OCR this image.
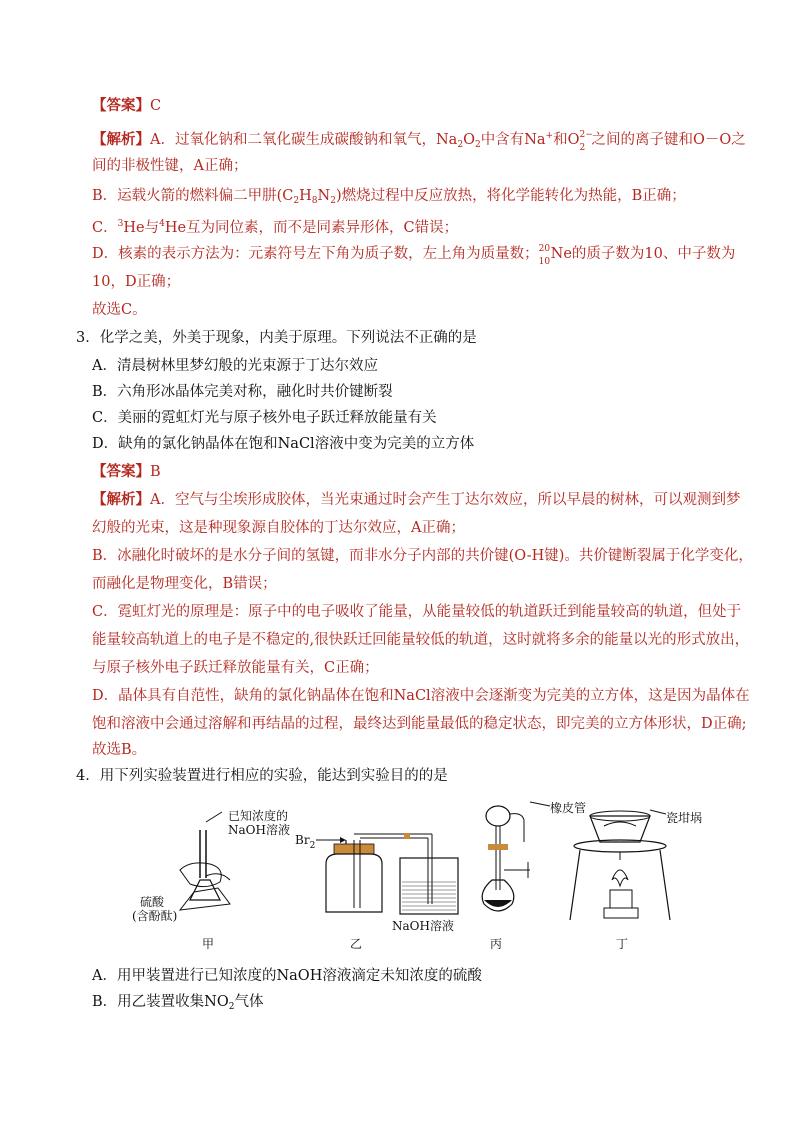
【答案】C
【解析】A．过氧化钠和二氧化碳生成碳酸钠和氧气，$Na_2O_2$中含有Na+和O 2−
2 之间的离子键和O－O之
间的非极性键，A正确；
B．运载火箭的燃料偏二甲肼$(C_2H_8N_2)$燃烧过程中反应放热，将化学能转化为热能，B正确；
C．$^3$He与$^4$He互为同位素，而不是同素异形体，C错误；
D．核素的表示方法为：元素符号左下角为质子数，左上角为质量数； 20
10 Ne的质子数为10、中子数为
10，D正确；
故选C。
3．化学之美，外美于现象，内美于原理。下列说法不正确的是
A．清晨树林里梦幻般的光束源于丁达尔效应
B．六角形冰晶体完美对称，融化时共价键断裂
C．美丽的霓虹灯光与原子核外电子跃迁释放能量有关
D．缺角的氯化钠晶体在饱和NaCl溶液中变为完美的立方体
【答案】B
【解析】A．空气与尘埃形成胶体，当光束通过时会产生丁达尔效应，所以早晨的树林，可以观测到梦
幻般的光束，这是种现象源自胶体的丁达尔效应，A正确；
B．冰融化时破坏的是水分子间的氢键，而非水分子内部的共价键(O-H键)。共价键断裂属于化学变化，
而融化是物理变化，B错误；
C．霓虹灯光的原理是：原子中的电子吸收了能量，从能量较低的轨道跃迁到能量较高的轨道，但处于
能量较高轨道上的电子是不稳定的,很快跃迁回能量较低的轨道，这时就将多余的能量以光的形式放出，
与原子核外电子跃迁释放能量有关，C正确；
D．晶体具有自范性，缺角的氯化钠晶体在饱和NaCl溶液中会逐渐变为完美的立方体，这是因为晶体在
饱和溶液中会通过溶解和再结晶的过程，最终达到能量最低的稳定状态，即完美的立方体形状，D正确;
故选B。
4．用下列实验装置进行相应的实验，能达到实验目的的是
已知浓度的
NaOH溶液
硫酸
(含酚酞)
甲
$Br_2$
NaOH溶液
乙
橡皮管
丙
瓷坩埚
丁
A．用甲装置进行已知浓度的NaOH溶液滴定未知浓度的硫酸
B．用乙装置收集$NO_2$气体
